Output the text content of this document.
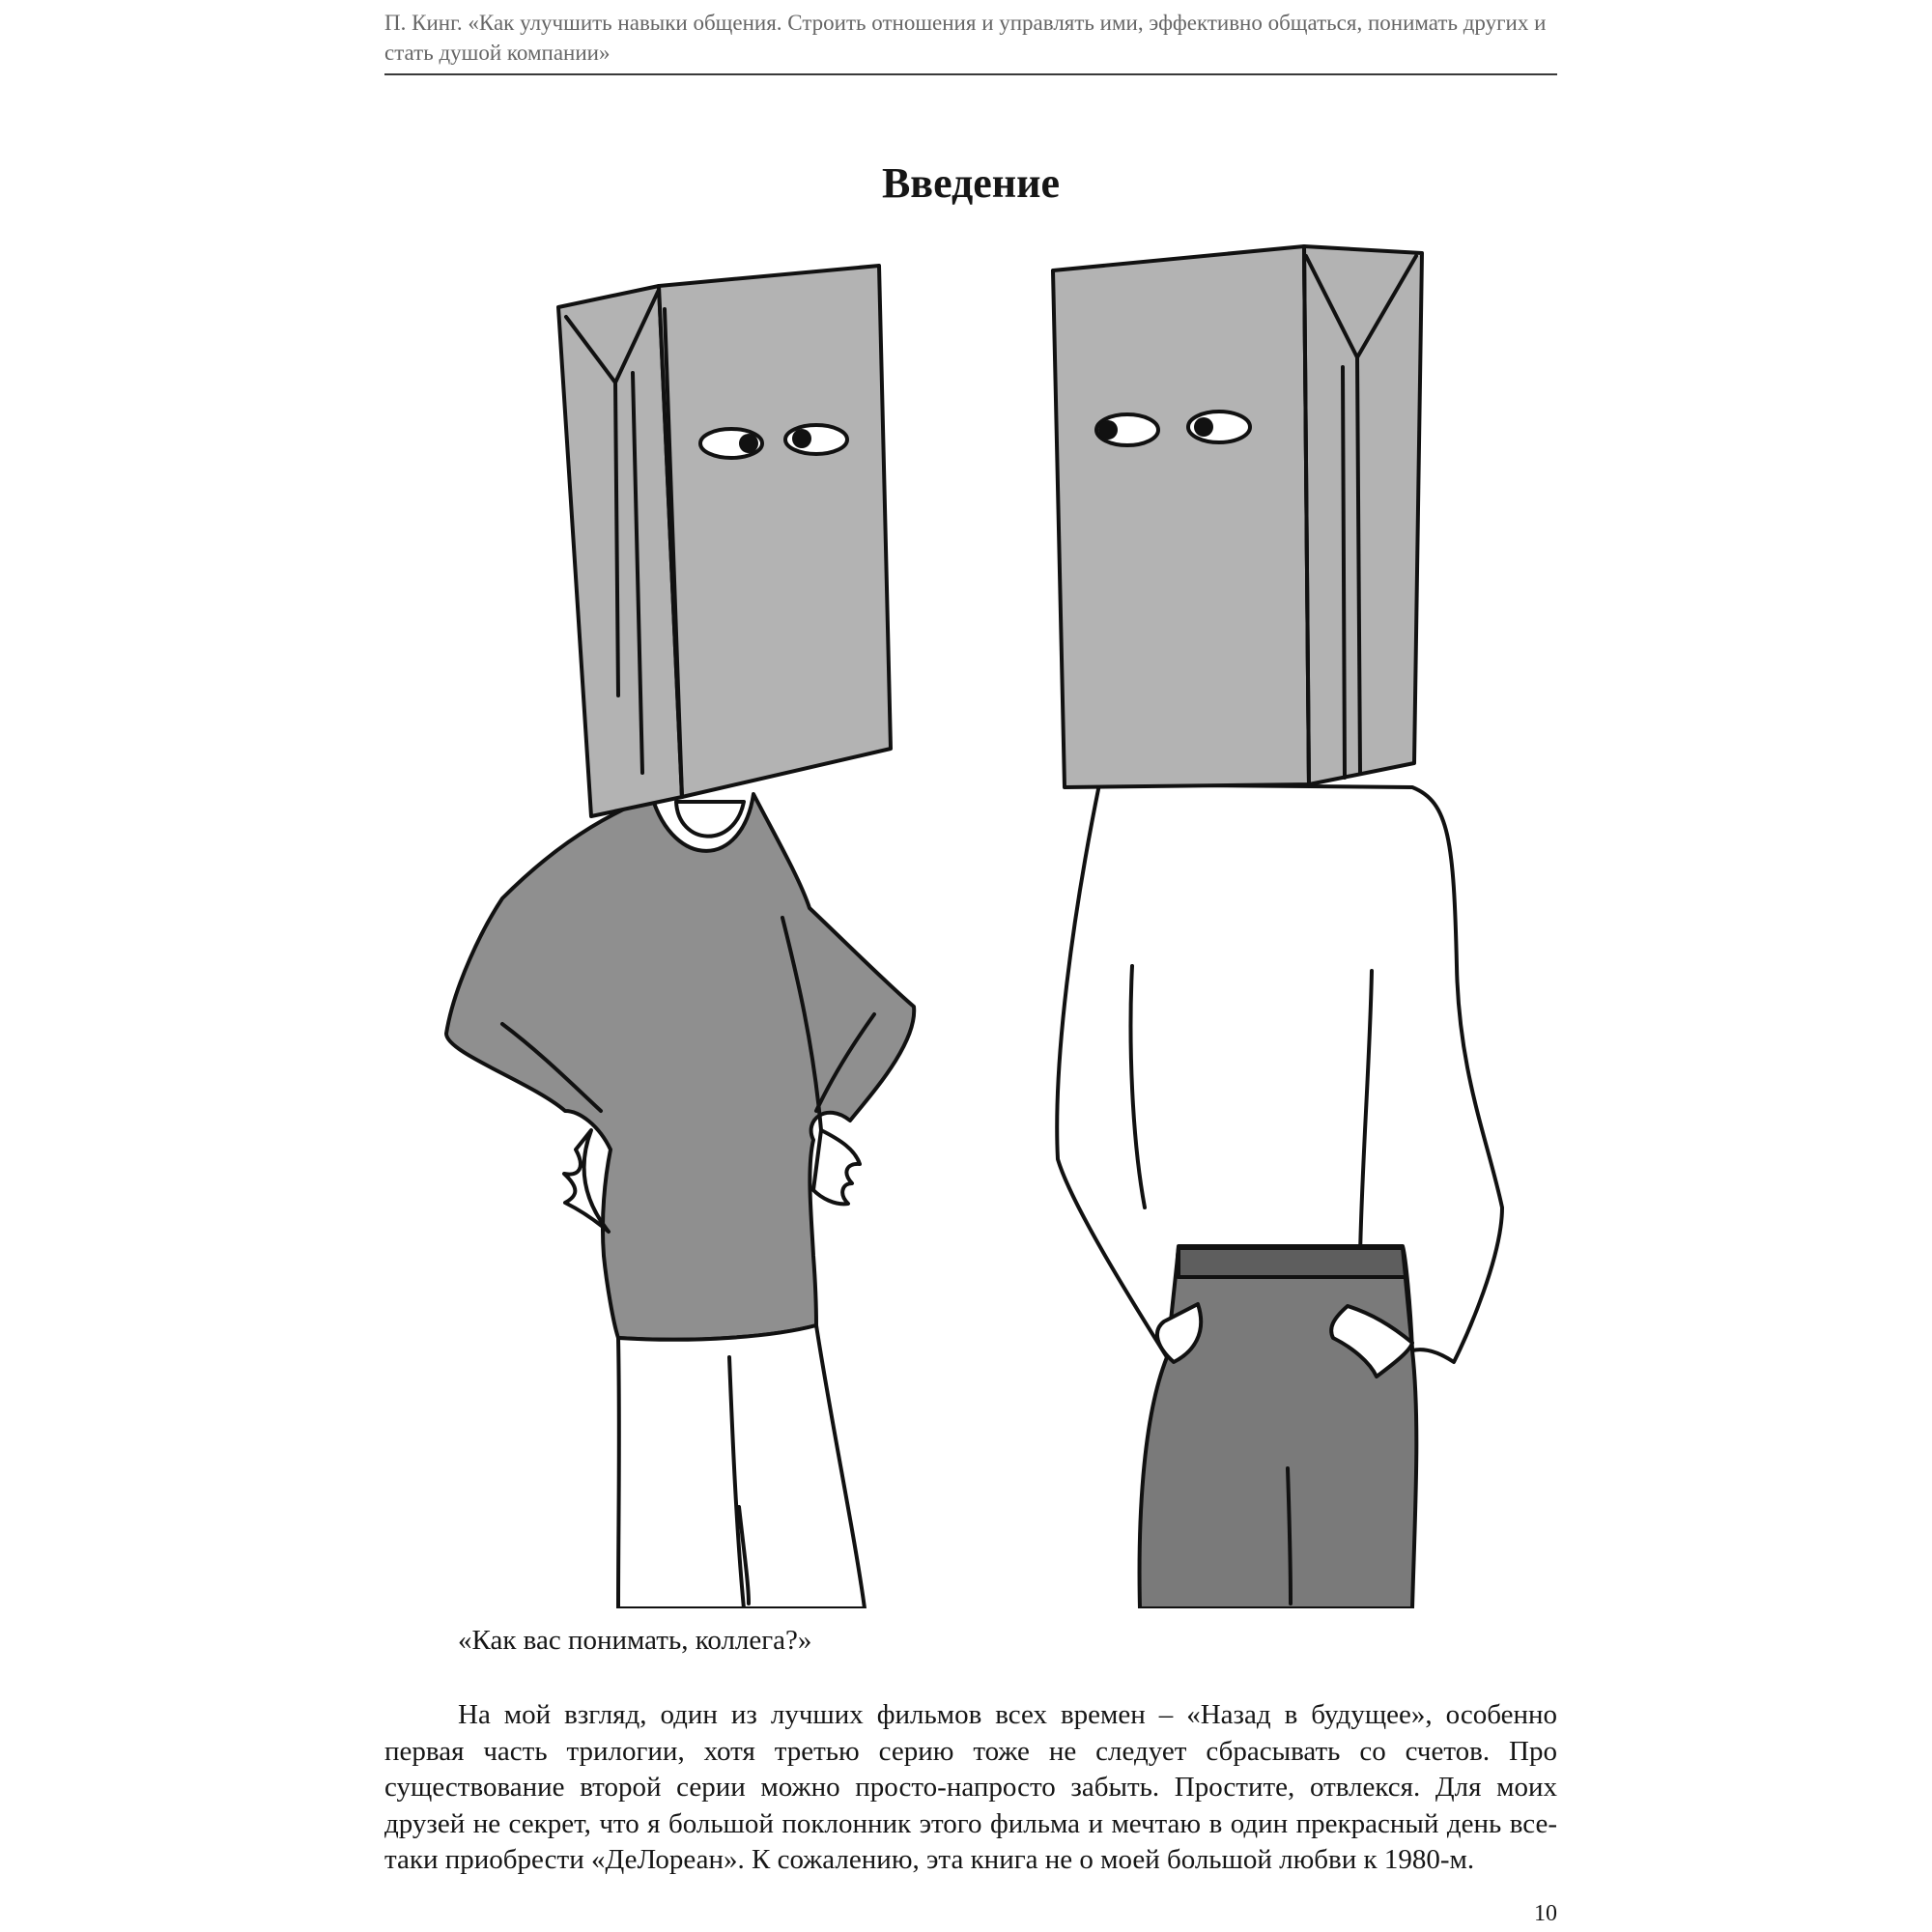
П. Кинг. «Как улучшить навыки общения. Строить отношения и управлять ими, эффективно общаться, понимать других и стать душой компании»
Введение
«Как вас понимать, коллега?»

На мой взгляд, один из лучших фильмов всех времен – «Назад в будущее», особенно первая часть трилогии, хотя третью серию тоже не следует сбрасывать со счетов. Про существование второй серии можно просто-напросто забыть. Простите, отвлекся. Для моих друзей не секрет, что я большой поклонник этого фильма и мечтаю в один прекрасный день все-таки приобрести «ДеЛореан». К сожалению, эта книга не о моей большой любви к 1980-м.

10
